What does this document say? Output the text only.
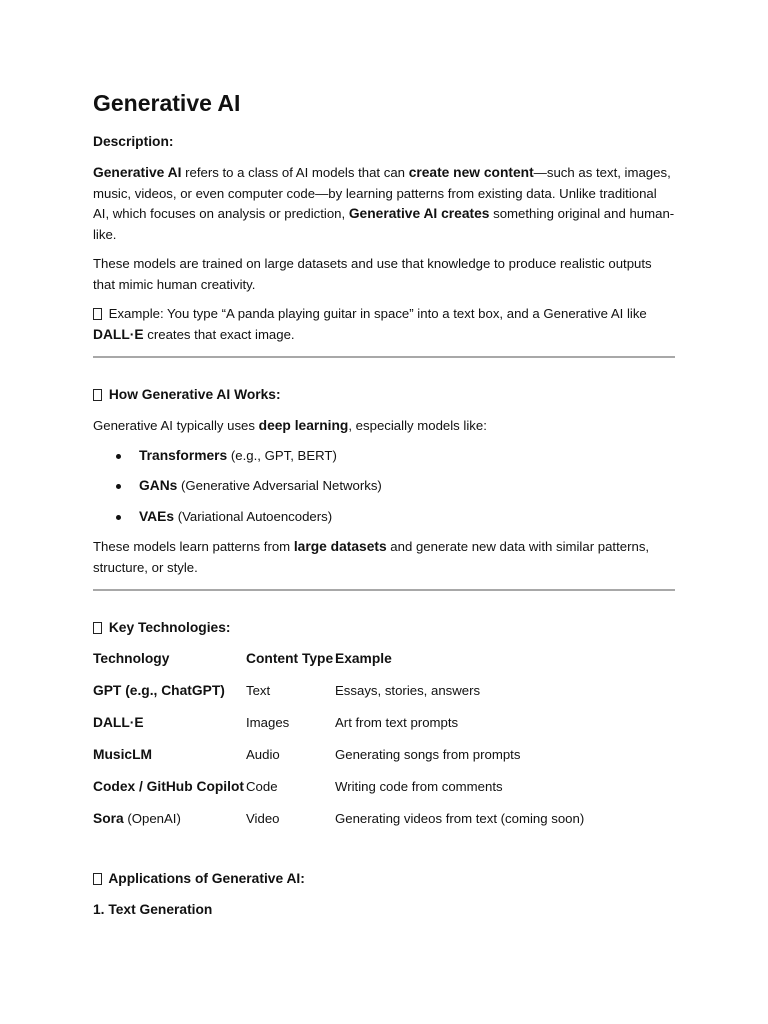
Generative AI
Description:

Generative AI refers to a class of AI models that can create new content—such as text, images, music, videos, or even computer code—by learning patterns from existing data. Unlike traditional AI, which focuses on analysis or prediction, Generative AI creates something original and human-like.

These models are trained on large datasets and use that knowledge to produce realistic outputs that mimic human creativity.

Example: You type “A panda playing guitar in space” into a text box, and a Generative AI like DALL·E creates that exact image.

How Generative AI Works:

Generative AI typically uses deep learning, especially models like:

Transformers (e.g., GPT, BERT)
GANs (Generative Adversarial Networks)
VAEs (Variational Autoencoders)

These models learn patterns from large datasets and generate new data with similar patterns, structure, or style.

Key Technologies:
Technology	Content Type	Example
GPT (e.g., ChatGPT)	Text	Essays, stories, answers
DALL·E	Images	Art from text prompts
MusicLM	Audio	Generating songs from prompts
Codex / GitHub Copilot	Code	Writing code from comments
Sora (OpenAI)	Video	Generating videos from text (coming soon)
Applications of Generative AI:
1. Text Generation
